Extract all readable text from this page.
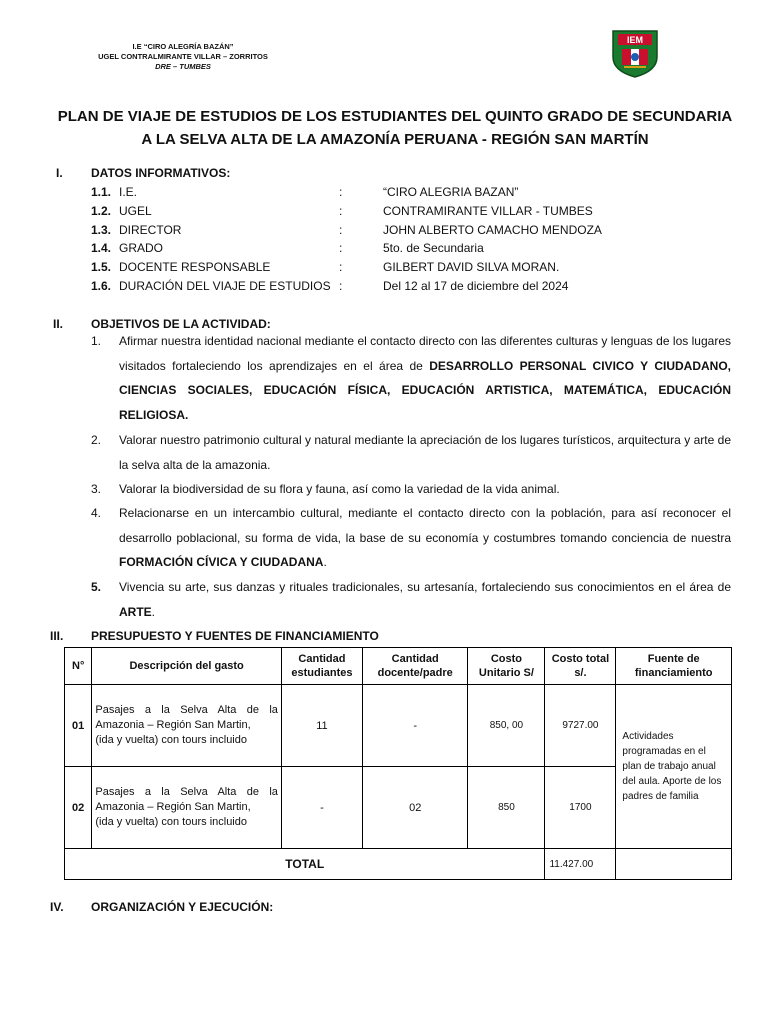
I.E “CIRO ALEGRÍA BAZÁN”
UGEL CONTRALMIRANTE VILLAR – ZORRITOS
DRE – TUMBES
IEM
PLAN DE VIAJE DE ESTUDIOS DE LOS ESTUDIANTES DEL QUINTO GRADO DE SECUNDARIA
A LA SELVA ALTA DE LA AMAZONÍA PERUANA - REGIÓN SAN MARTÍN
I. DATOS INFORMATIVOS:
1.1. I.E.	:	“CIRO ALEGRIA BAZAN”
1.2. UGEL	:	CONTRAMIRANTE VILLAR - TUMBES
1.3. DIRECTOR	:	JOHN ALBERTO CAMACHO MENDOZA
1.4. GRADO	:	5to. de Secundaria
1.5. DOCENTE RESPONSABLE	:	GILBERT DAVID SILVA MORAN.
1.6. DURACIÓN DEL VIAJE DE ESTUDIOS :	Del 12 al 17 de diciembre del 2024
II. OBJETIVOS DE LA ACTIVIDAD:
1. Afirmar nuestra identidad nacional mediante el contacto directo con las diferentes culturas y lenguas de los lugares visitados fortaleciendo los aprendizajes en el área de DESARROLLO PERSONAL CIVICO Y CIUDADANO, CIENCIAS SOCIALES, EDUCACIÓN FÍSICA, EDUCACIÓN ARTISTICA, MATEMÁTICA, EDUCACIÓN RELIGIOSA.
2. Valorar nuestro patrimonio cultural y natural mediante la apreciación de los lugares turísticos, arquitectura y arte de la selva alta de la amazonia.
3. Valorar la biodiversidad de su flora y fauna, así como la variedad de la vida animal.
4. Relacionarse en un intercambio cultural, mediante el contacto directo con la población, para así reconocer el desarrollo poblacional, su forma de vida, la base de su economía y costumbres tomando conciencia de nuestra FORMACIÓN CÍVICA Y CIUDADANA.
5. Vivencia su arte, sus danzas y rituales tradicionales, su artesanía, fortaleciendo sus conocimientos en el área de ARTE.
III. PRESUPUESTO Y FUENTES DE FINANCIAMIENTO
N°	Descripción del gasto	Cantidad estudiantes	Cantidad docente/padre	Costo Unitario S/	Costo total s/.	Fuente de financiamiento
01	Pasajes a la Selva Alta de la Amazonia – Región San Martin,
(ida y vuelta) con tours incluido	11	-	850, 00	9727.00	Actividades programadas en el plan de trabajo anual del aula. Aporte de los padres de familia
02	Pasajes a la Selva Alta de la Amazonia – Región San Martin,
(ida y vuelta) con tours incluido	-	02	850	1700	
TOTAL					11.427.00	
IV. ORGANIZACIÓN Y EJECUCIÓN:
